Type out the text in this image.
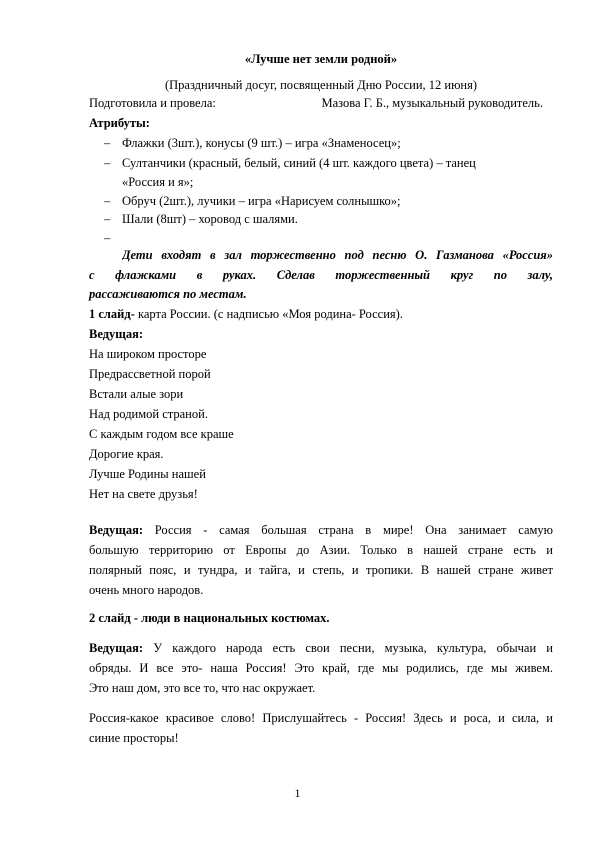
«Лучше нет земли родной»
(Праздничный досуг, посвященный Дню России, 12 июня)
Подготовила и провела:	Мазова Г. Б., музыкальный руководитель.
Атрибуты:
– Флажки (3шт.), конусы (9 шт.) – игра «Знаменосец»;
– Султанчики (красный, белый, синий (4 шт. каждого цвета) – танец
«Россия и я»;
– Обруч (2шт.), лучики – игра «Нарисуем солнышко»;
– Шали (8шт) – хоровод с шалями.
–
Дети входят в зал торжественно под песню О. Газманова «Россия»
с флажками в руках. Сделав торжественный круг по залу,
рассаживаются по местам.
1 слайд- карта России. (с надписью «Моя родина- Россия).
Ведущая:
На широком просторе
Предрассветной порой
Встали алые зори
Над родимой страной.
С каждым годом все краше
Дорогие края.
Лучше Родины нашей
Нет на свете друзья!
Ведущая: Россия - самая большая страна в мире! Она занимает самую
большую территорию от Европы до Азии. Только в нашей стране есть и
полярный пояс, и тундра, и тайга, и степь, и тропики. В нашей стране живет
очень много народов.
2 слайд - люди в национальных костюмах.
Ведущая: У каждого народа есть свои песни, музыка, культура, обычаи и
обряды. И все это- наша Россия! Это край, где мы родились, где мы живем.
Это наш дом, это все то, что нас окружает.
Россия-какое красивое слово! Прислушайтесь - Россия! Здесь и роса, и сила, и
синие просторы!
1
